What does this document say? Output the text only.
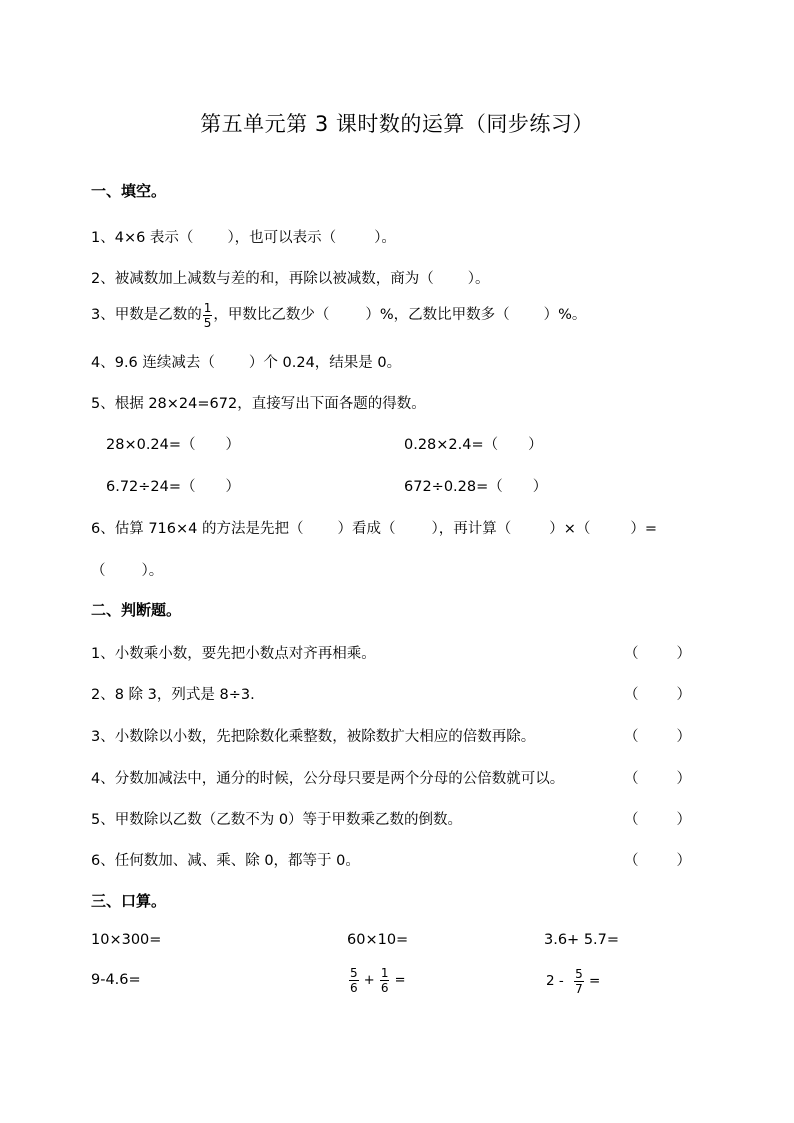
第五单元第 3 课时数的运算（同步练习）
一、填空。
1、4×6 表示（ ），也可以表示（	）。
2、被减数加上减数与差的和，再除以被减数，商为（ ）。
3、甲数是乙数的 $\frac{1}{5}$ ，甲数比乙数少（ ）%，乙数比甲数多（ ）%。
4、9.6 连续减去（ ）个 0.24，结果是 0。
5、根据 28×24=672，直接写出下面各题的得数。
28×0.24=（ ）	0.28×2.4=（ ）
6.72÷24=（ ）	672÷0.28=（ ）
6、估算 716×4 的方法是先把（ ）看成（ ），再计算（	）×（	）=
（ ）。
二、判断题。
1、小数乘小数，要先把小数点对齐再相乘。	（	）
2、8 除 3，列式是 8÷3.	（	）
3、小数除以小数，先把除数化乘整数，被除数扩大相应的倍数再除。	（	）
4、分数加减法中，通分的时候，公分母只要是两个分母的公倍数就可以。	（	）
5、甲数除以乙数（乙数不为 0）等于甲数乘乙数的倒数。	（	）
6、任何数加、减、乘、除 0，都等于 0。	（	）
三、口算。
10×300=	60×10=	3.6+ 5.7=
9-4.6=	$\frac{5}{6} + \frac{1}{6}$ =	$2 - \frac{5}{7}$ =
